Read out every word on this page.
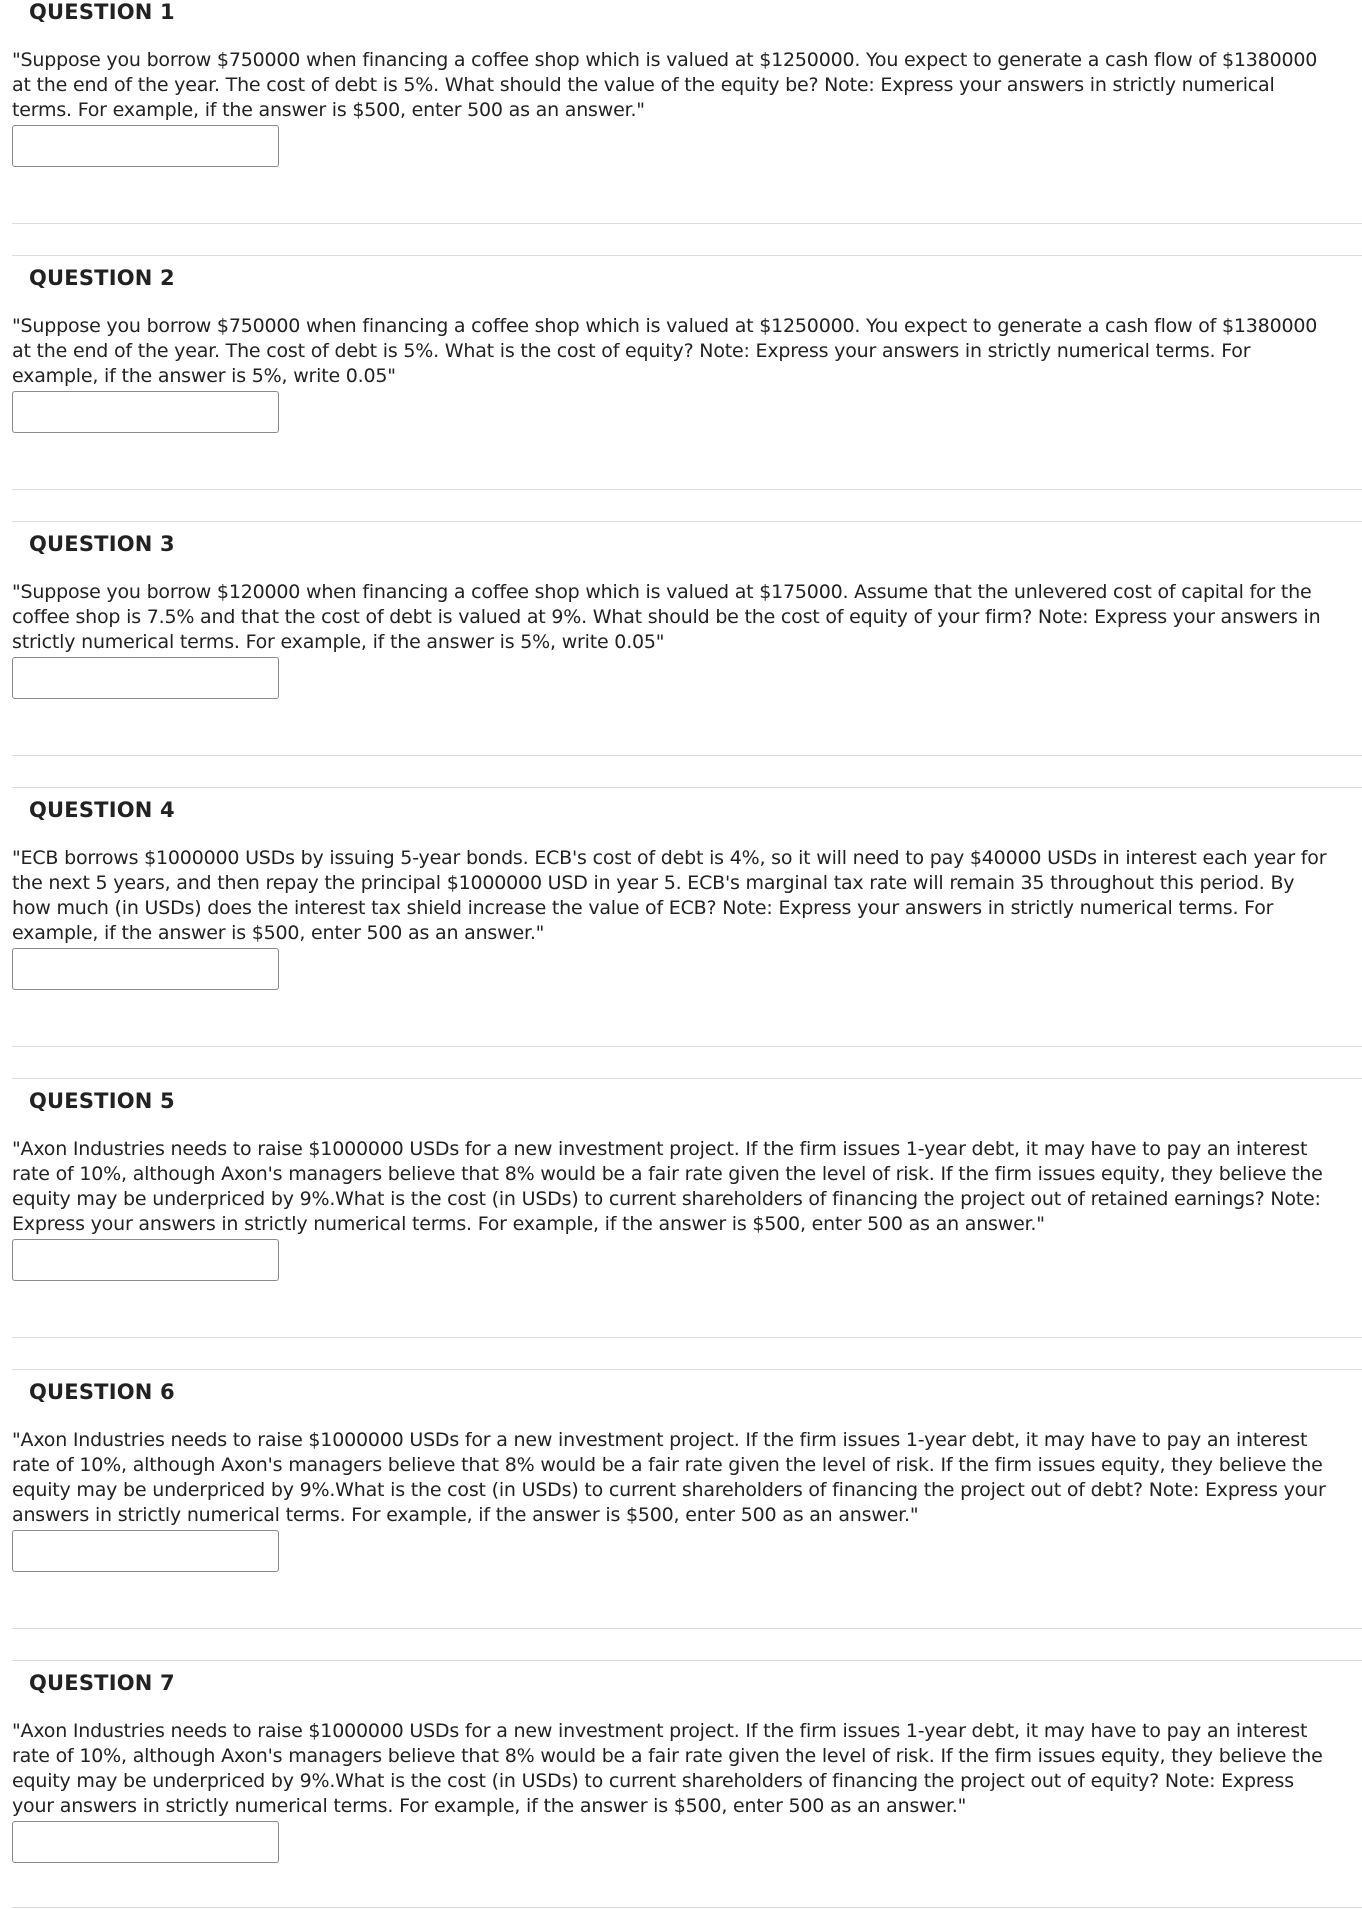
QUESTION 1
"Suppose you borrow $750000 when financing a coffee shop which is valued at $1250000. You expect to generate a cash flow of $1380000 at the end of the year. The cost of debt is 5%. What should the value of the equity be? Note: Express your answers in strictly numerical terms. For example, if the answer is $500, enter 500 as an answer."
QUESTION 2
"Suppose you borrow $750000 when financing a coffee shop which is valued at $1250000. You expect to generate a cash flow of $1380000 at the end of the year. The cost of debt is 5%. What is the cost of equity? Note: Express your answers in strictly numerical terms. For example, if the answer is 5%, write 0.05"
QUESTION 3
"Suppose you borrow $120000 when financing a coffee shop which is valued at $175000. Assume that the unlevered cost of capital for the coffee shop is 7.5% and that the cost of debt is valued at 9%. What should be the cost of equity of your firm? Note: Express your answers in strictly numerical terms. For example, if the answer is 5%, write 0.05"
QUESTION 4
"ECB borrows $1000000 USDs by issuing 5-year bonds. ECB's cost of debt is 4%, so it will need to pay $40000 USDs in interest each year for the next 5 years, and then repay the principal $1000000 USD in year 5. ECB's marginal tax rate will remain 35 throughout this period. By how much (in USDs) does the interest tax shield increase the value of ECB? Note: Express your answers in strictly numerical terms. For example, if the answer is $500, enter 500 as an answer."
QUESTION 5
"Axon Industries needs to raise $1000000 USDs for a new investment project. If the firm issues 1-year debt, it may have to pay an interest rate of 10%, although Axon's managers believe that 8% would be a fair rate given the level of risk. If the firm issues equity, they believe the equity may be underpriced by 9%.What is the cost (in USDs) to current shareholders of financing the project out of retained earnings? Note: Express your answers in strictly numerical terms. For example, if the answer is $500, enter 500 as an answer."
QUESTION 6
"Axon Industries needs to raise $1000000 USDs for a new investment project. If the firm issues 1-year debt, it may have to pay an interest rate of 10%, although Axon's managers believe that 8% would be a fair rate given the level of risk. If the firm issues equity, they believe the equity may be underpriced by 9%.What is the cost (in USDs) to current shareholders of financing the project out of debt? Note: Express your answers in strictly numerical terms. For example, if the answer is $500, enter 500 as an answer."
QUESTION 7
"Axon Industries needs to raise $1000000 USDs for a new investment project. If the firm issues 1-year debt, it may have to pay an interest rate of 10%, although Axon's managers believe that 8% would be a fair rate given the level of risk. If the firm issues equity, they believe the equity may be underpriced by 9%.What is the cost (in USDs) to current shareholders of financing the project out of equity? Note: Express your answers in strictly numerical terms. For example, if the answer is $500, enter 500 as an answer."
